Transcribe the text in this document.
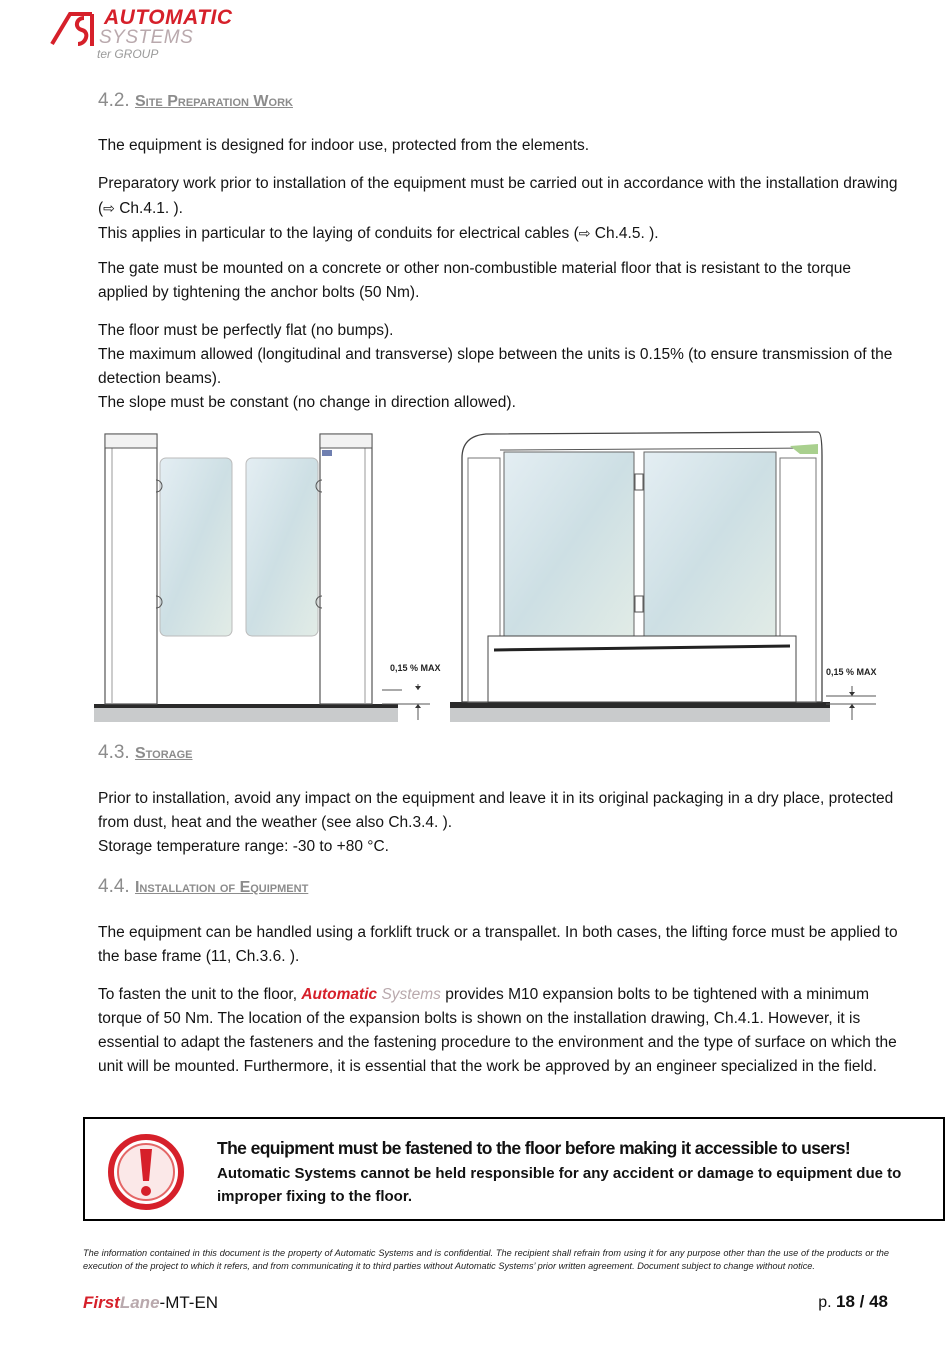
AUTOMATIC
SYSTEMS
ter GROUP
4.2. Site Preparation Work
The equipment is designed for indoor use, protected from the elements.
Preparatory work prior to installation of the equipment must be carried out in accordance with the installation drawing (⇨ Ch.4.1. ).
This applies in particular to the laying of conduits for electrical cables (⇨ Ch.4.5. ).
The gate must be mounted on a concrete or other non-combustible material floor that is resistant to the torque applied by tightening the anchor bolts (50 Nm).
The floor must be perfectly flat (no bumps).
The maximum allowed (longitudinal and transverse) slope between the units is 0.15% (to ensure transmission of the detection beams).
The slope must be constant (no change in direction allowed).
0,15 % MAX	0,15 % MAX
4.3. Storage
Prior to installation, avoid any impact on the equipment and leave it in its original packaging in a dry place, protected from dust, heat and the weather (see also Ch.3.4. ).
Storage temperature range: -30 to +80 °C.
4.4. Installation of Equipment
The equipment can be handled using a forklift truck or a transpallet. In both cases, the lifting force must be applied to the base frame (11, Ch.3.6. ).
To fasten the unit to the floor, Automatic Systems provides M10 expansion bolts to be tightened with a minimum torque of 50 Nm. The location of the expansion bolts is shown on the installation drawing, Ch.4.1. However, it is essential to adapt the fasteners and the fastening procedure to the environment and the type of surface on which the unit will be mounted. Furthermore, it is essential that the work be approved by an engineer specialized in the field.
The equipment must be fastened to the floor before making it accessible to users!
Automatic Systems cannot be held responsible for any accident or damage to equipment due to improper fixing to the floor.
The information contained in this document is the property of Automatic Systems and is confidential. The recipient shall refrain from using it for any purpose other than the use of the products or the execution of the project to which it refers, and from communicating it to third parties without Automatic Systems’ prior written agreement. Document subject to change without notice.
FirstLane-MT-EN	p. 18 / 48
